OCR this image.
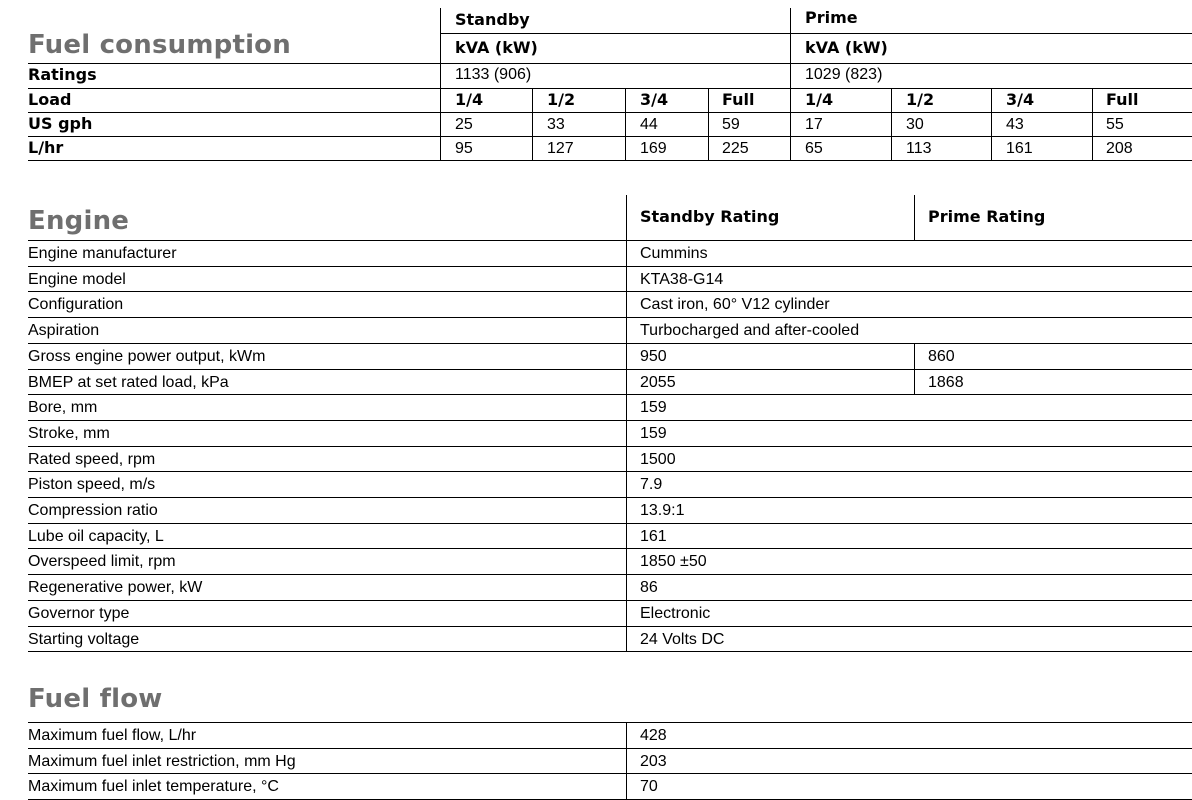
Fuel consumption
Standby	Prime
kVA (kW)	kVA (kW)
Ratings	1133 (906)	1029 (823)
Load	1/4	1/2	3/4	Full	1/4	1/2	3/4	Full
US gph	25	33	44	59	17	30	43	55
L/hr	95	127	169	225	65	113	161	208
Engine	Standby Rating	Prime Rating
Engine manufacturer	Cummins
Engine model	KTA38-G14
Configuration	Cast iron, 60° V12 cylinder
Aspiration	Turbocharged and after-cooled
Gross engine power output, kWm	950	860
BMEP at set rated load, kPa	2055	1868
Bore, mm	159
Stroke, mm	159
Rated speed, rpm	1500
Piston speed, m/s	7.9
Compression ratio	13.9:1
Lube oil capacity, L	161
Overspeed limit, rpm	1850 ±50
Regenerative power, kW	86
Governor type	Electronic
Starting voltage	24 Volts DC
Fuel flow
Maximum fuel flow, L/hr	428
Maximum fuel inlet restriction, mm Hg	203
Maximum fuel inlet temperature, °C	70
